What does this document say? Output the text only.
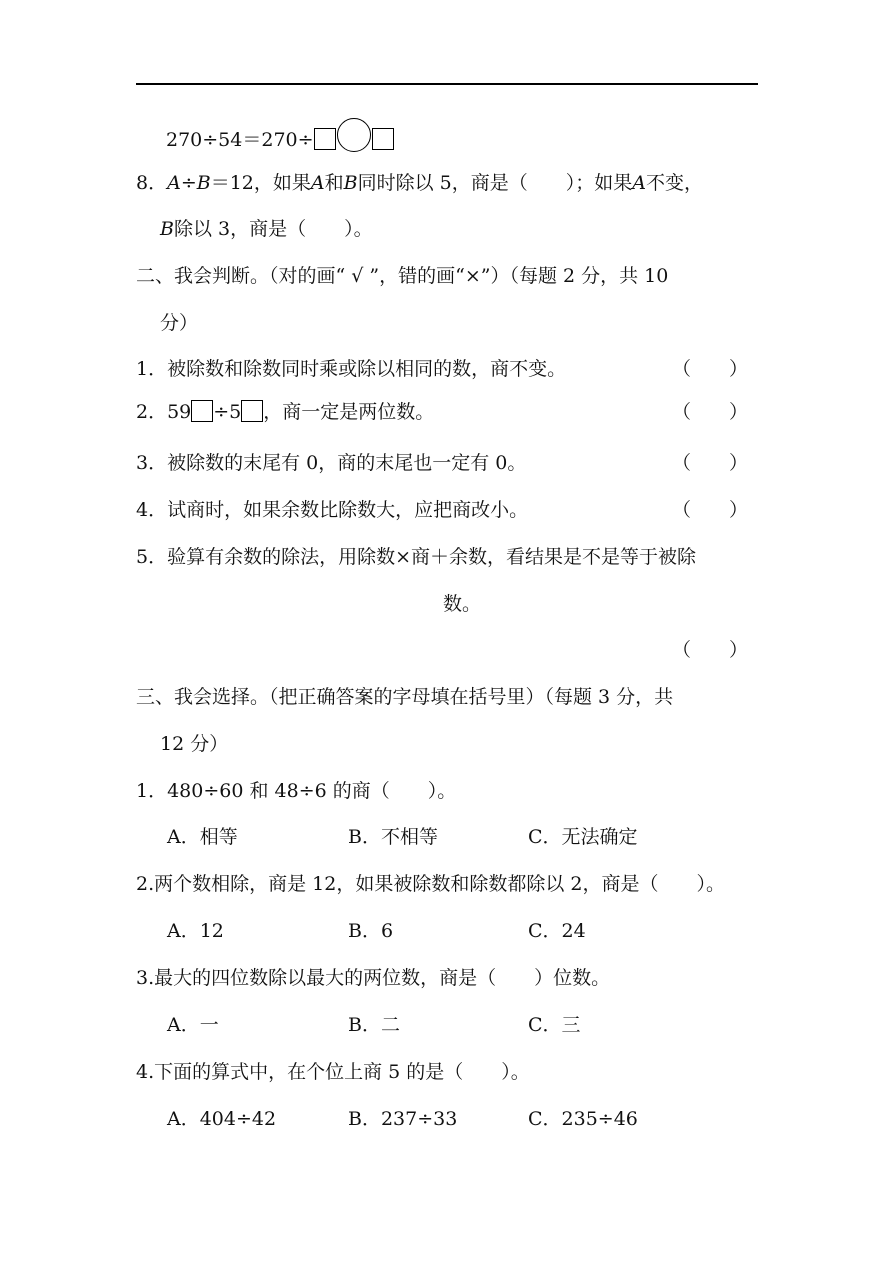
270÷54＝270÷
8．A÷B＝12，如果A和B同时除以 5，商是（　　）；如果A不变，
B除以 3，商是（　　）。
二、我会判断。（对的画“ √ ”，错的画“×”）（每题 2 分，共 10
分）
1．被除数和除数同时乘或除以相同的数，商不变。	（　　）
2．59 ÷5 ，商一定是两位数。	（　　）
3．被除数的末尾有 0，商的末尾也一定有 0。	（　　）
4．试商时，如果余数比除数大，应把商改小。	（　　）
5．验算有余数的除法，用除数×商＋余数，看结果是不是等于被除
数。
（　　）
三、我会选择。（把正确答案的字母填在括号里）（每题 3 分，共
12 分）
1．480÷60 和 48÷6 的商（　　）。
A．相等	B．不相等	C．无法确定
2.两个数相除，商是 12，如果被除数和除数都除以 2，商是（　　）。
A．12	B．6	C．24
3.最大的四位数除以最大的两位数，商是（　　）位数。
A．一	B．二	C．三
4.下面的算式中，在个位上商 5 的是（　　）。
A．404÷42	B．237÷33	C．235÷46
